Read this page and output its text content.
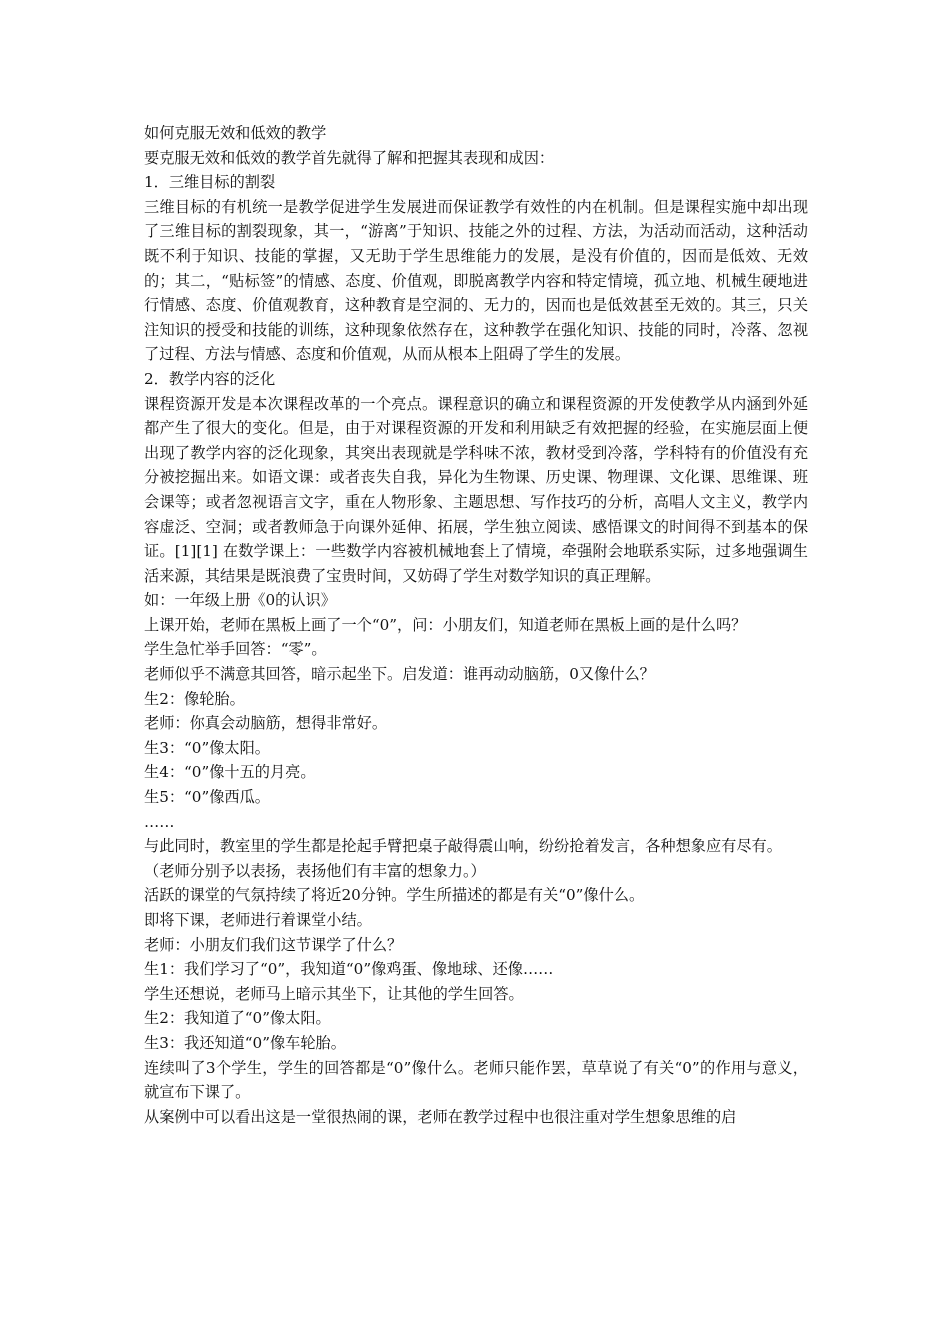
如何克服无效和低效的教学

要克服无效和低效的教学首先就得了解和把握其表现和成因：

1．三维目标的割裂

三维目标的有机统一是教学促进学生发展进而保证教学有效性的内在机制。但是课程实施中却出现了三维目标的割裂现象，其一，“游离”于知识、技能之外的过程、方法，为活动而活动，这种活动既不利于知识、技能的掌握，又无助于学生思维能力的发展，是没有价值的，因而是低效、无效的；其二，“贴标签”的情感、态度、价值观，即脱离教学内容和特定情境，孤立地、机械生硬地进行情感、态度、价值观教育，这种教育是空洞的、无力的，因而也是低效甚至无效的。其三，只关注知识的授受和技能的训练，这种现象依然存在，这种教学在强化知识、技能的同时，冷落、忽视了过程、方法与情感、态度和价值观，从而从根本上阻碍了学生的发展。

2．教学内容的泛化

课程资源开发是本次课程改革的一个亮点。课程意识的确立和课程资源的开发使教学从内涵到外延都产生了很大的变化。但是，由于对课程资源的开发和利用缺乏有效把握的经验，在实施层面上便出现了教学内容的泛化现象，其突出表现就是学科味不浓，教材受到冷落，学科特有的价值没有充分被挖掘出来。如语文课：或者丧失自我，异化为生物课、历史课、物理课、文化课、思维课、班会课等；或者忽视语言文字，重在人物形象、主题思想、写作技巧的分析，高唱人文主义，教学内容虚泛、空洞；或者教师急于向课外延伸、拓展，学生独立阅读、感悟课文的时间得不到基本的保证。[1][1] 在数学课上：一些数学内容被机械地套上了情境，牵强附会地联系实际，过多地强调生活来源，其结果是既浪费了宝贵时间，又妨碍了学生对数学知识的真正理解。

如：一年级上册《0的认识》

上课开始，老师在黑板上画了一个“0”，问：小朋友们，知道老师在黑板上画的是什么吗？

学生急忙举手回答：“零”。

老师似乎不满意其回答，暗示起坐下。启发道：谁再动动脑筋，0又像什么？

生2：像轮胎。

老师：你真会动脑筋，想得非常好。

生3：“0”像太阳。

生4：“0”像十五的月亮。

生5：“0”像西瓜。

……

与此同时，教室里的学生都是抡起手臂把桌子敲得震山响，纷纷抢着发言，各种想象应有尽有。

（老师分别予以表扬，表扬他们有丰富的想象力。）

活跃的课堂的气氛持续了将近20分钟。学生所描述的都是有关“0”像什么。

即将下课，老师进行着课堂小结。

老师：小朋友们我们这节课学了什么？

生1：我们学习了“0”，我知道“0”像鸡蛋、像地球、还像……

学生还想说，老师马上暗示其坐下，让其他的学生回答。

生2：我知道了“0”像太阳。

生3：我还知道“0”像车轮胎。

连续叫了3个学生，学生的回答都是“0”像什么。老师只能作罢，草草说了有关“0”的作用与意义，就宣布下课了。

从案例中可以看出这是一堂很热闹的课，老师在教学过程中也很注重对学生想象思维的启
